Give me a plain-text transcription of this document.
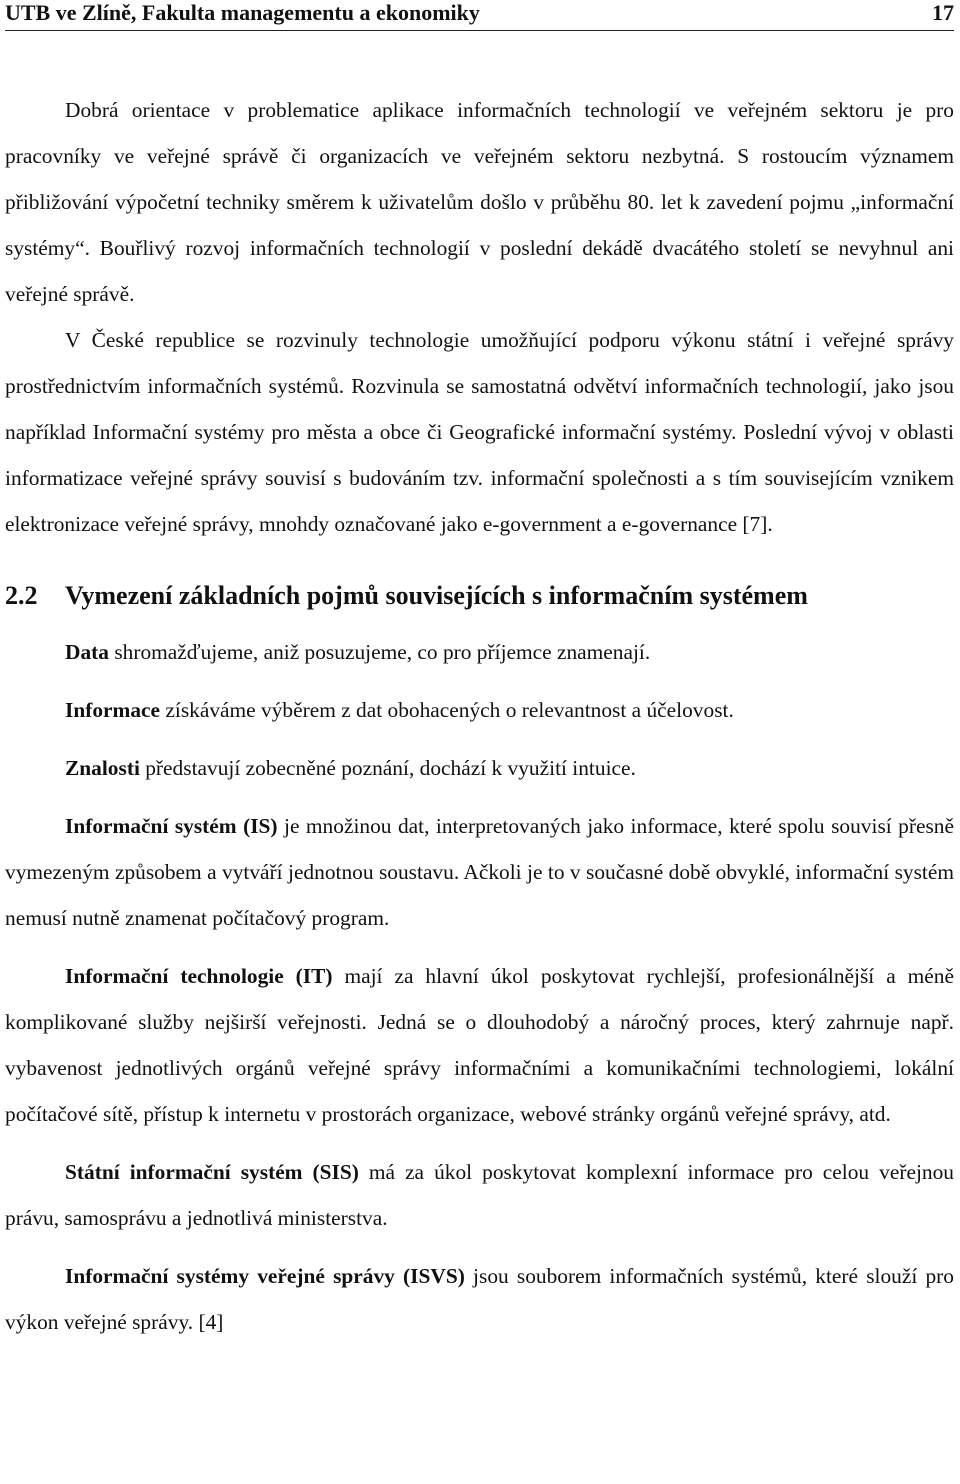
UTB ve Zlíně, Fakulta managementu a ekonomiky	17

Dobrá orientace v problematice aplikace informačních technologií ve veřejném sektoru je pro pracovníky ve veřejné správě či organizacích ve veřejném sektoru nezbytná. S rostoucím významem přibližování výpočetní techniky směrem k uživatelům došlo v průběhu 80. let k zavedení pojmu „informační systémy“. Bouřlivý rozvoj informačních technologií v poslední dekádě dvacátého století se nevyhnul ani veřejné správě.

V České republice se rozvinuly technologie umožňující podporu výkonu státní i veřejné správy prostřednictvím informačních systémů. Rozvinula se samostatná odvětví informačních technologií, jako jsou například Informační systémy pro města a obce či Geografické informační systémy. Poslední vývoj v oblasti informatizace veřejné správy souvisí s budováním tzv. informační společnosti a s tím souvisejícím vznikem elektronizace veřejné správy, mnohdy označované jako e-government a e-governance [7].

2.2	Vymezení základních pojmů souvisejících s informačním systémem

Data shromažďujeme, aniž posuzujeme, co pro příjemce znamenají.

Informace získáváme výběrem z dat obohacených o relevantnost a účelovost.

Znalosti představují zobecněné poznání, dochází k využití intuice.

Informační systém (IS) je množinou dat, interpretovaných jako informace, které spolu souvisí přesně vymezeným způsobem a vytváří jednotnou soustavu. Ačkoli je to v současné době obvyklé, informační systém nemusí nutně znamenat počítačový program.

Informační technologie (IT) mají za hlavní úkol poskytovat rychlejší, profesionálnější a méně komplikované služby nejširší veřejnosti. Jedná se o dlouhodobý a náročný proces, který zahrnuje např. vybavenost jednotlivých orgánů veřejné správy informačními a komunikačními technologiemi, lokální počítačové sítě, přístup k internetu v prostorách organizace, webové stránky orgánů veřejné správy, atd.

Státní informační systém (SIS) má za úkol poskytovat komplexní informace pro celou veřejnou právu, samosprávu a jednotlivá ministerstva.

Informační systémy veřejné správy (ISVS) jsou souborem informačních systémů, které slouží pro výkon veřejné správy. [4]
